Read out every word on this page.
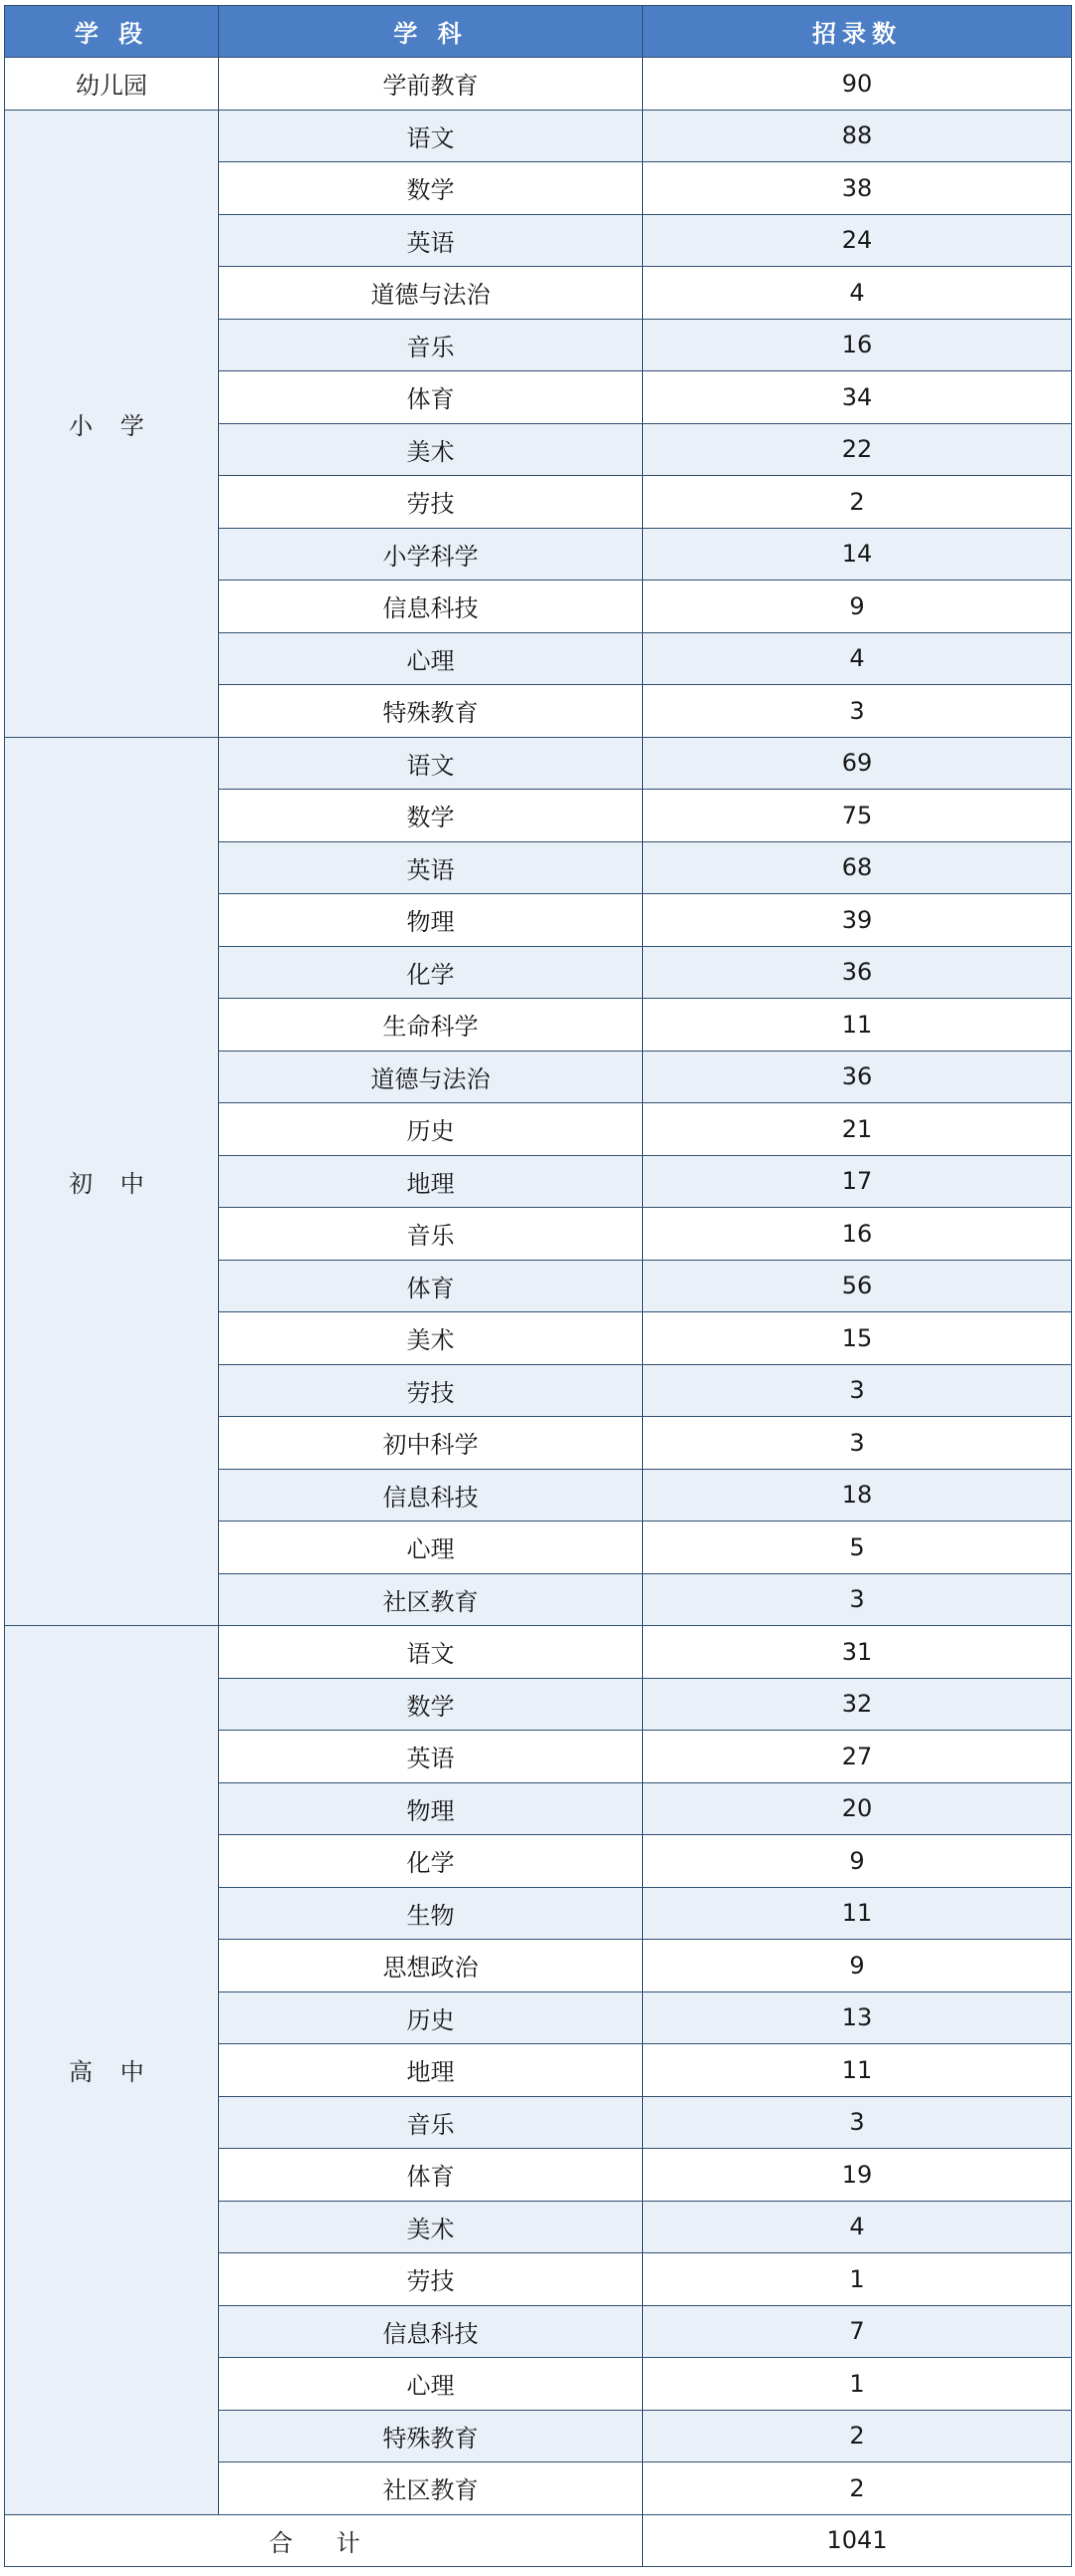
学 段	学 科	招录数
幼儿园	学前教育	90
小 学	语文	88
	数学	38
	英语	24
	道德与法治	4
	音乐	16
	体育	34
	美术	22
	劳技	2
	小学科学	14
	信息科技	9
	心理	4
	特殊教育	3
初 中	语文	69
	数学	75
	英语	68
	物理	39
	化学	36
	生命科学	11
	道德与法治	36
	历史	21
	地理	17
	音乐	16
	体育	56
	美术	15
	劳技	3
	初中科学	3
	信息科技	18
	心理	5
	社区教育	3
高 中	语文	31
	数学	32
	英语	27
	物理	20
	化学	9
	生物	11
	思想政治	9
	历史	13
	地理	11
	音乐	3
	体育	19
	美术	4
	劳技	1
	信息科技	7
	心理	1
	特殊教育	2
	社区教育	2
合 计		1041
